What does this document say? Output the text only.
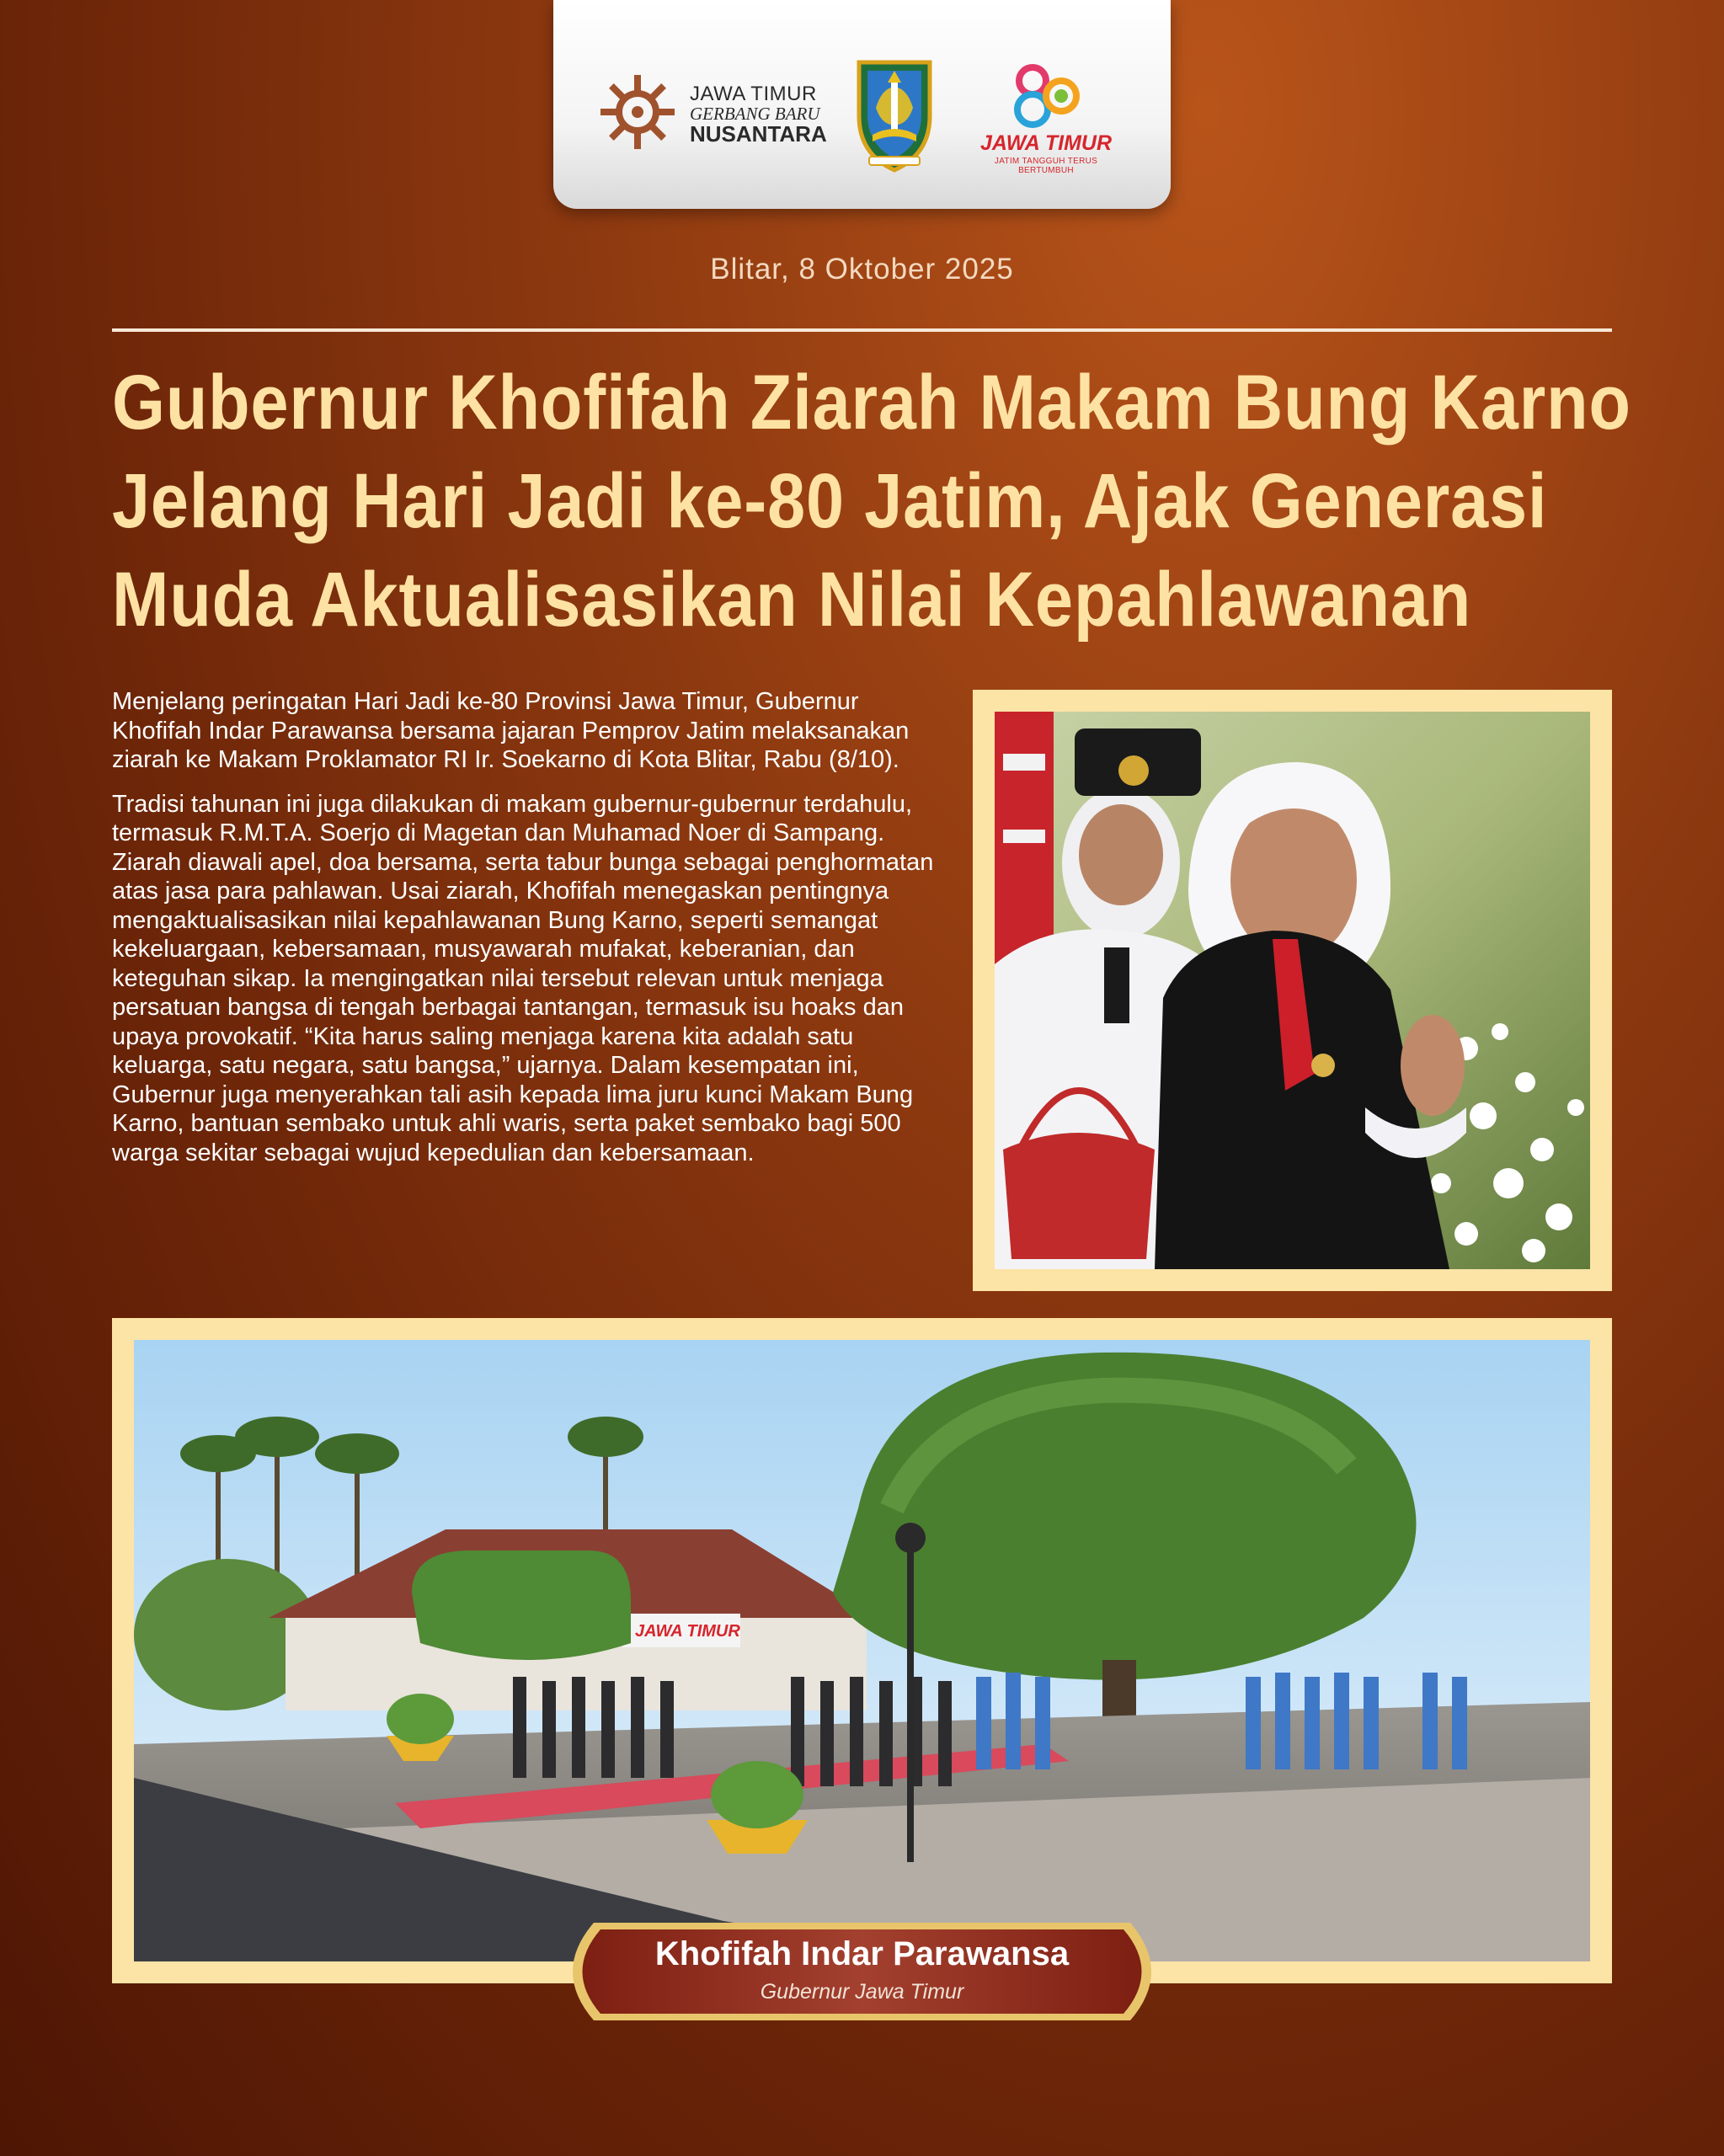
JAWA TIMUR
GERBANG BARU
NUSANTARA	JAWA TIMUR
JATIM TANGGUH TERUS BERTUMBUH
Blitar, 8 Oktober 2025
Gubernur Khofifah Ziarah Makam Bung Karno
Jelang Hari Jadi ke-80 Jatim, Ajak Generasi
Muda Aktualisasikan Nilai Kepahlawanan

Menjelang peringatan Hari Jadi ke-80 Provinsi Jawa Timur, Gubernur Khofifah Indar Parawansa bersama jajaran Pemprov Jatim melaksanakan ziarah ke Makam Proklamator RI Ir. Soekarno di Kota Blitar, Rabu (8/10).

Tradisi tahunan ini juga dilakukan di makam gubernur-gubernur terdahulu, termasuk R.M.T.A. Soerjo di Magetan dan Muhamad Noer di Sampang. Ziarah diawali apel, doa bersama, serta tabur bunga sebagai penghormatan atas jasa para pahlawan. Usai ziarah, Khofifah menegaskan pentingnya mengaktualisasikan nilai kepahlawanan Bung Karno, seperti semangat kekeluargaan, kebersamaan, musyawarah mufakat, keberanian, dan keteguhan sikap. Ia mengingatkan nilai tersebut relevan untuk menjaga persatuan bangsa di tengah berbagai tantangan, termasuk isu hoaks dan upaya provokatif. “Kita harus saling menjaga karena kita adalah satu keluarga, satu negara, satu bangsa,” ujarnya. Dalam kesempatan ini, Gubernur juga menyerahkan tali asih kepada lima juru kunci Makam Bung Karno, bantuan sembako untuk ahli waris, serta paket sembako bagi 500 warga sekitar sebagai wujud kepedulian dan kebersamaan.

JAWA TIMUR
Khofifah Indar Parawansa
Gubernur Jawa Timur
